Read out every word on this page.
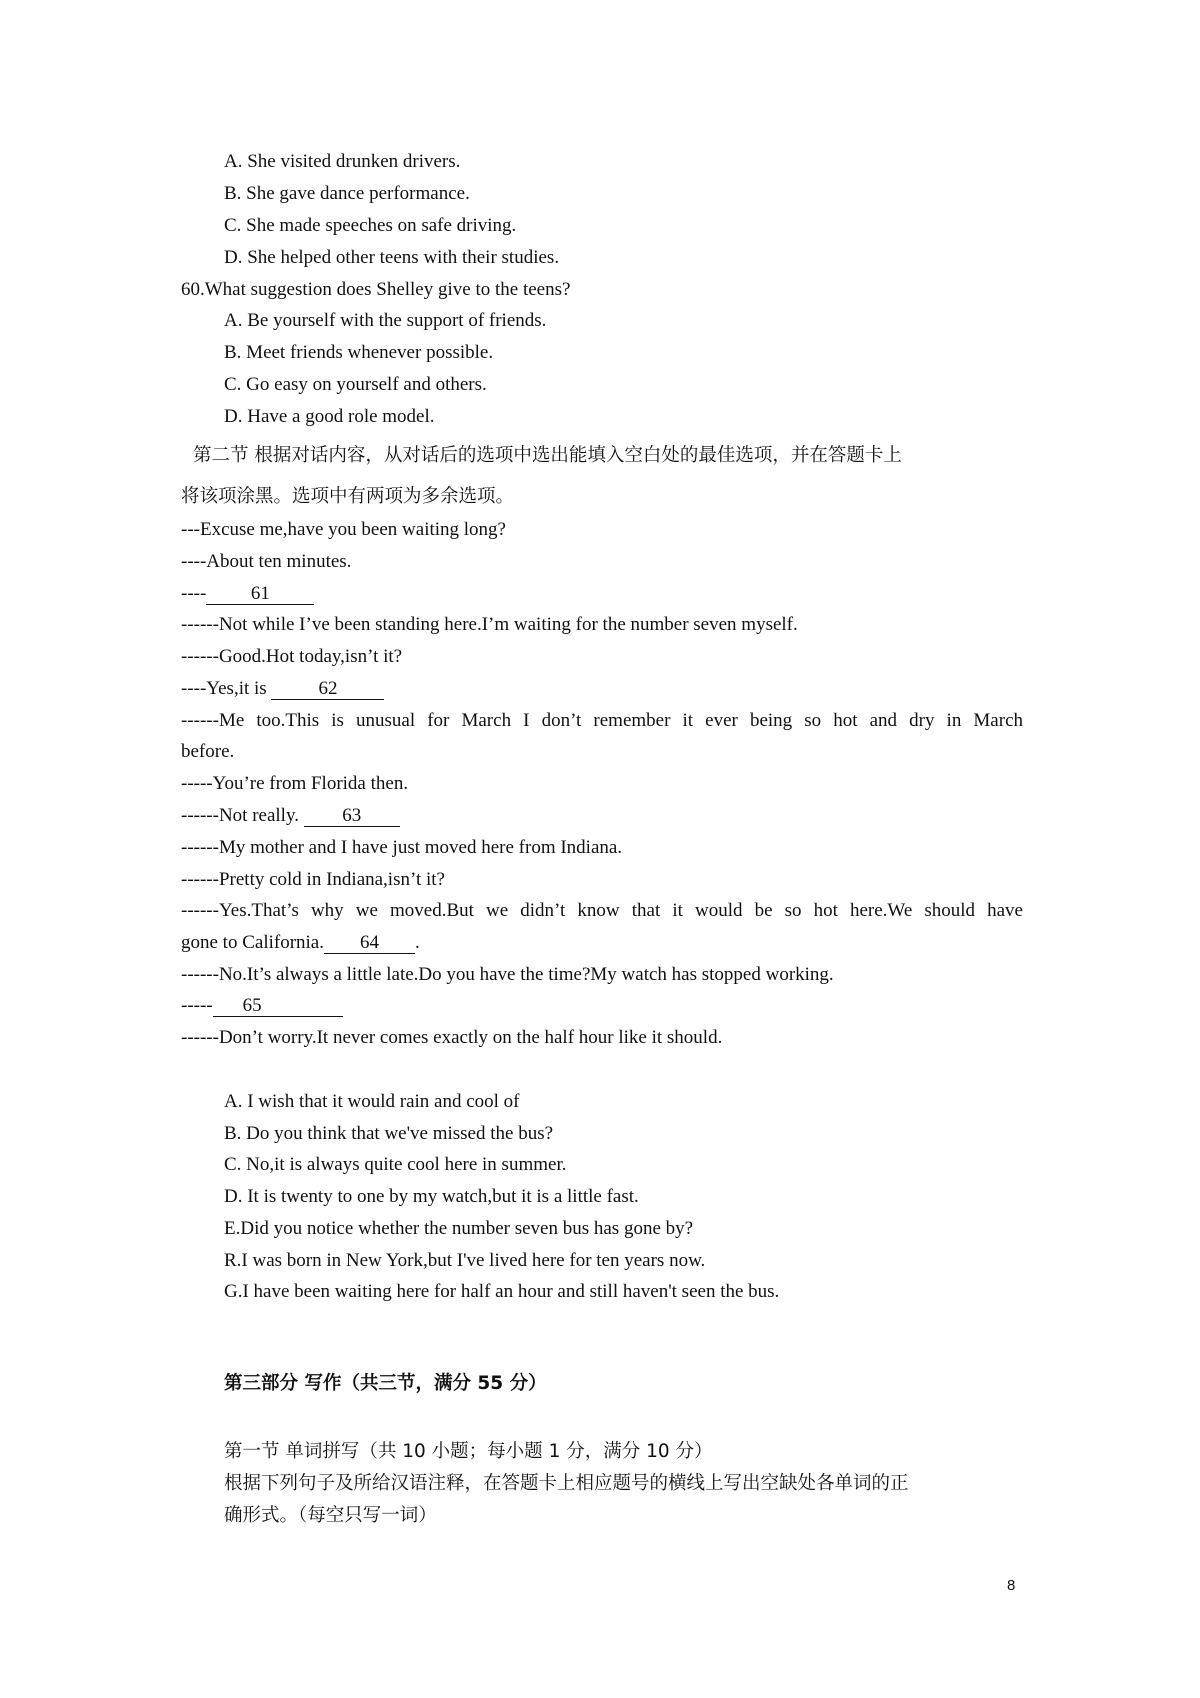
A. She visited drunken drivers.
B. She gave dance performance.
C. She made speeches on safe driving.
D. She helped other teens with their studies.
60.What suggestion does Shelley give to the teens?
A. Be yourself with the support of friends.
B. Meet friends whenever possible.
C. Go easy on yourself and others.
D. Have a good role model.
第二节 根据对话内容，从对话后的选项中选出能填入空白处的最佳选项，并在答题卡上
将该项涂黑。选项中有两项为多余选项。
---Excuse me,have you been waiting long?
----About ten minutes.
---- 61
------Not while I’ve been standing here.I’m waiting for the number seven myself.
------Good.Hot today,isn’t it?
----Yes,it is 62
------Me too.This is unusual for March I don’t remember it ever being so hot and dry in March
before.
-----You’re from Florida then.
------Not really. 63
------My mother and I have just moved here from Indiana.
------Pretty cold in Indiana,isn’t it?
------Yes.That’s why we moved.But we didn’t know that it would be so hot here.We should have
gone to California. 64 .
------No.It’s always a little late.Do you have the time?My watch has stopped working.
----- 65
------Don’t worry.It never comes exactly on the half hour like it should.
A. I wish that it would rain and cool of
B. Do you think that we've missed the bus?
C. No,it is always quite cool here in summer.
D. It is twenty to one by my watch,but it is a little fast.
E.Did you notice whether the number seven bus has gone by?
R.I was born in New York,but I've lived here for ten years now.
G.I have been waiting here for half an hour and still haven't seen the bus.
第三部分 写作（共三节，满分 55 分）
第一节 单词拼写（共 10 小题；每小题 1 分，满分 10 分）
根据下列句子及所给汉语注释，在答题卡上相应题号的横线上写出空缺处各单词的正
确形式。（每空只写一词）
8
